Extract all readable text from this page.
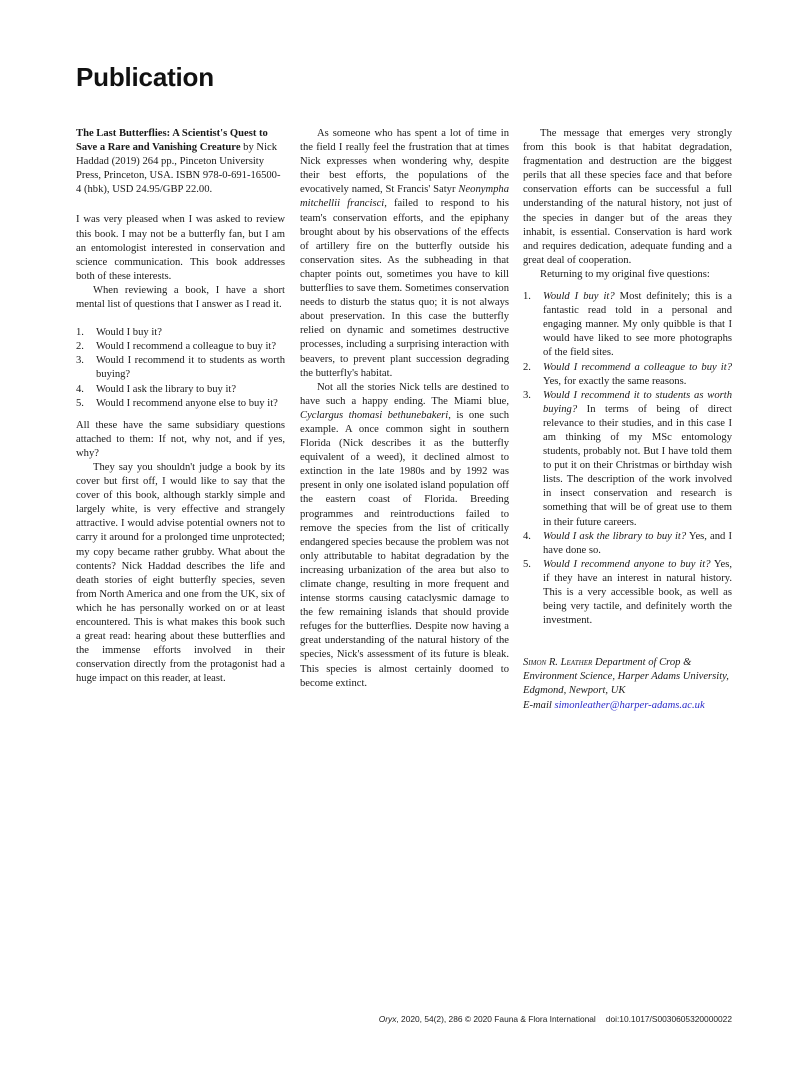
Publication

The Last Butterflies: A Scientist's Quest to Save a Rare and Vanishing Creature by Nick Haddad (2019) 264 pp., Pinceton University Press, Princeton, USA. ISBN 978-0-691-16500-4 (hbk), USD 24.95/GBP 22.00.

I was very pleased when I was asked to review this book. I may not be a butterfly fan, but I am an entomologist interested in conservation and science communication. This book addresses both of these interests.

When reviewing a book, I have a short mental list of questions that I answer as I read it.

1. Would I buy it?
2. Would I recommend a colleague to buy it?
3. Would I recommend it to students as worth buying?
4. Would I ask the library to buy it?
5. Would I recommend anyone else to buy it?

All these have the same subsidiary questions attached to them: If not, why not, and if yes, why?

They say you shouldn't judge a book by its cover but first off, I would like to say that the cover of this book, although starkly simple and largely white, is very effective and strangely attractive. I would advise potential owners not to carry it around for a prolonged time unprotected; my copy became rather grubby. What about the contents? Nick Haddad describes the life and death stories of eight butterfly species, seven from North America and one from the UK, six of which he has personally worked on or at least encountered. This is what makes this book such a great read: hearing about these butterflies and the immense efforts involved in their conservation directly from the protagonist had a huge impact on this reader, at least.

As someone who has spent a lot of time in the field I really feel the frustration that at times Nick expresses when wondering why, despite their best efforts, the populations of the evocatively named, St Francis' Satyr Neonympha mitchellii francisci, failed to respond to his team's conservation efforts, and the epiphany brought about by his observations of the effects of artillery fire on the butterfly outside his conservation sites. As the subheading in that chapter points out, sometimes you have to kill butterflies to save them. Sometimes conservation needs to disturb the status quo; it is not always about preservation. In this case the butterfly relied on dynamic and sometimes destructive processes, including a surprising interaction with beavers, to prevent plant succession degrading the butterfly's habitat.

Not all the stories Nick tells are destined to have such a happy ending. The Miami blue, Cyclargus thomasi bethunebakeri, is one such example. A once common sight in southern Florida (Nick describes it as the butterfly equivalent of a weed), it declined almost to extinction in the late 1980s and by 1992 was present in only one isolated island population off the eastern coast of Florida. Breeding programmes and reintroductions failed to remove the species from the list of critically endangered species because the problem was not only attributable to habitat degradation by the increasing urbanization of the area but also to climate change, resulting in more frequent and intense storms causing cataclysmic damage to the few remaining islands that should provide refuges for the butterflies. Despite now having a great understanding of the natural history of the species, Nick's assessment of its future is bleak. This species is almost certainly doomed to become extinct.

The message that emerges very strongly from this book is that habitat degradation, fragmentation and destruction are the biggest perils that all these species face and that before conservation efforts can be successful a full understanding of the natural history, not just of the species in danger but of the areas they inhabit, is essential. Conservation is hard work and requires dedication, adequate funding and a great deal of cooperation.

Returning to my original five questions:

1. Would I buy it? Most definitely; this is a fantastic read told in a personal and engaging manner. My only quibble is that I would have liked to see more photographs of the field sites.
2. Would I recommend a colleague to buy it? Yes, for exactly the same reasons.
3. Would I recommend it to students as worth buying? In terms of being of direct relevance to their studies, and in this case I am thinking of my MSc entomology students, probably not. But I have told them to put it on their Christmas or birthday wish lists. The description of the work involved in insect conservation and research is something that will be of great use to them in their future careers.
4. Would I ask the library to buy it? Yes, and I have done so.
5. Would I recommend anyone to buy it? Yes, if they have an interest in natural history. This is a very accessible book, as well as being very tactile, and definitely worth the investment.

Simon R. Leather Department of Crop & Environment Science, Harper Adams University, Edgmond, Newport, UK
E-mail simonleather@harper-adams.ac.uk

Oryx, 2020, 54(2), 286 © 2020 Fauna & Flora International doi:10.1017/S0030605320000022
